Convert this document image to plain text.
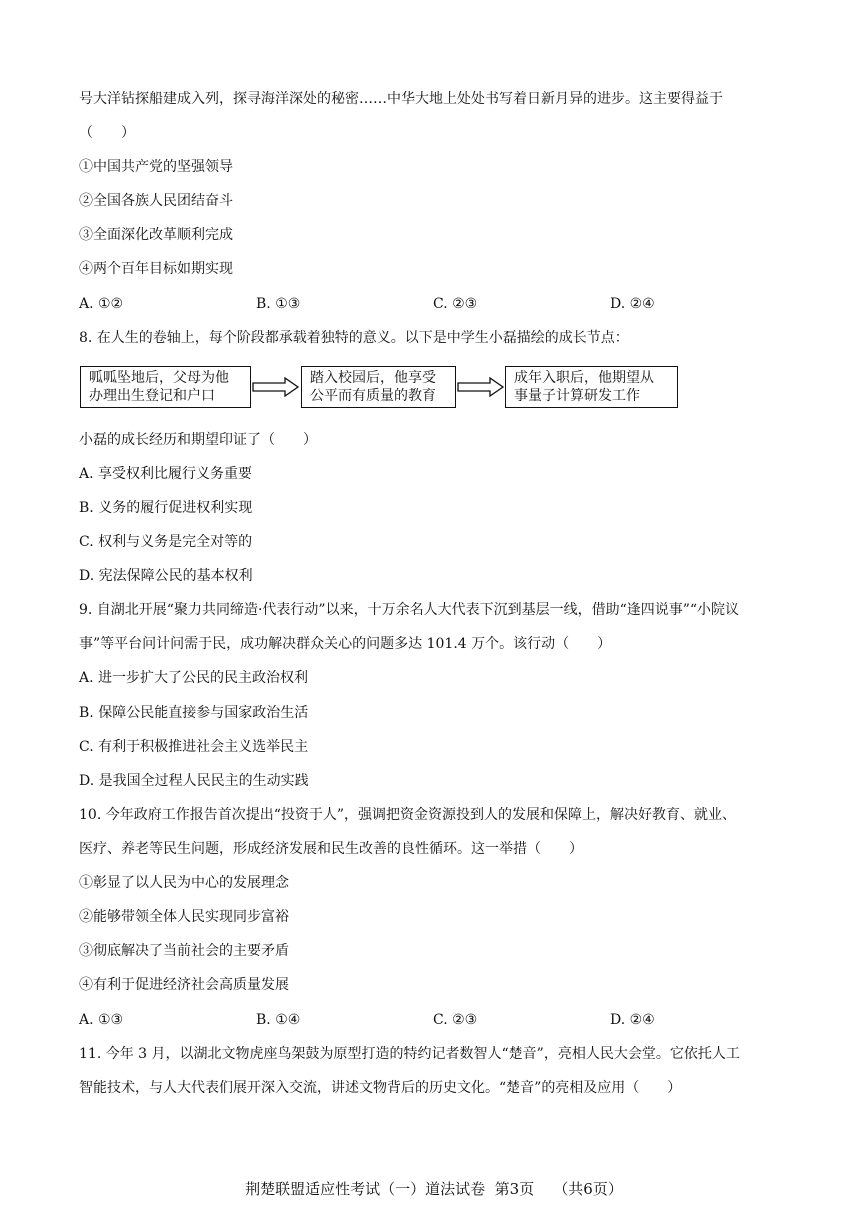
号大洋钻探船建成入列，探寻海洋深处的秘密……中华大地上处处书写着日新月异的进步。这主要得益于
（　　）
①中国共产党的坚强领导
②全国各族人民团结奋斗
③全面深化改革顺利完成
④两个百年目标如期实现
A. ①②	B. ①③	C. ②③	D. ②④
8. 在人生的卷轴上，每个阶段都承载着独特的意义。以下是中学生小磊描绘的成长节点：
呱呱坠地后，父母为他
办理出生登记和户口
踏入校园后，他享受
公平而有质量的教育
成年入职后，他期望从
事量子计算研发工作
小磊的成长经历和期望印证了（　　）
A. 享受权利比履行义务重要
B. 义务的履行促进权利实现
C. 权利与义务是完全对等的
D. 宪法保障公民的基本权利
9. 自湖北开展“聚力共同缔造·代表行动”以来，十万余名人大代表下沉到基层一线，借助“逢四说事”“小院议
事”等平台问计问需于民，成功解决群众关心的问题多达 101.4 万个。该行动（　　）
A. 进一步扩大了公民的民主政治权利
B. 保障公民能直接参与国家政治生活
C. 有利于积极推进社会主义选举民主
D. 是我国全过程人民民主的生动实践
10. 今年政府工作报告首次提出“投资于人”，强调把资金资源投到人的发展和保障上，解决好教育、就业、
医疗、养老等民生问题，形成经济发展和民生改善的良性循环。这一举措（　　）
①彰显了以人民为中心的发展理念
②能够带领全体人民实现同步富裕
③彻底解决了当前社会的主要矛盾
④有利于促进经济社会高质量发展
A. ①③	B. ①④	C. ②③	D. ②④
11. 今年 3 月，以湖北文物虎座鸟架鼓为原型打造的特约记者数智人“楚音”，亮相人民大会堂。它依托人工
智能技术，与人大代表们展开深入交流，讲述文物背后的历史文化。“楚音”的亮相及应用（　　）
荆楚联盟适应性考试（一）道法试卷  第3页    （共6页）
